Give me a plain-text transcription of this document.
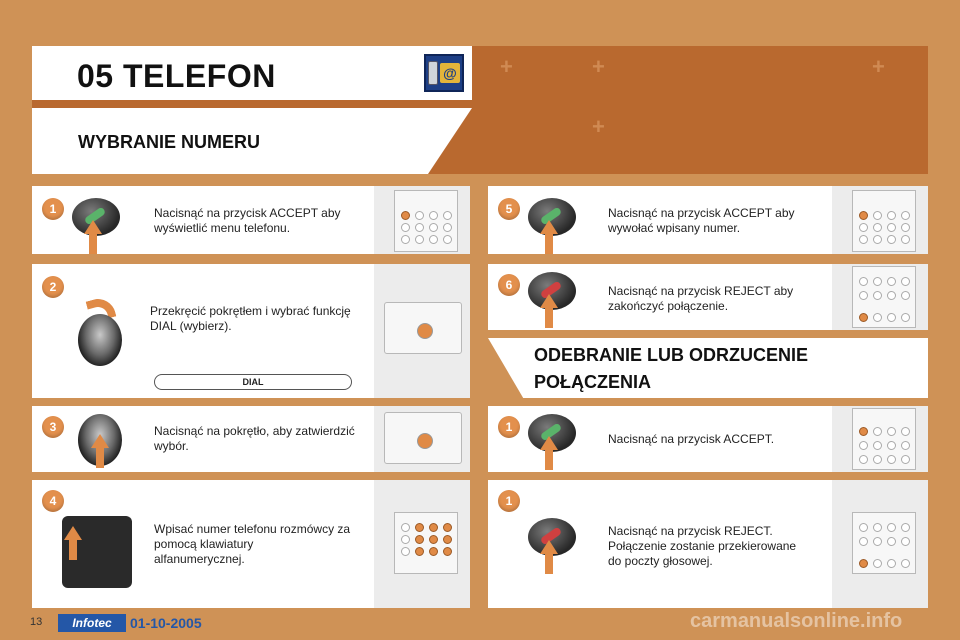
05 TELEFON	@
WYBRANIE NUMERU
+	+	+
+
1	Nacisnąć na przycisk ACCEPT aby
wyświetlić menu telefonu.
2
Przekręcić pokrętłem i wybrać funkcję
DIAL (wybierz).
DIAL
3	Nacisnąć na pokrętło, aby zatwierdzić
wybór.
4
Wpisać numer telefonu rozmówcy za
pomocą klawiatury
alfanumerycznej.
5	Nacisnąć na przycisk ACCEPT aby
wywołać wpisany numer.
6	Nacisnąć na przycisk REJECT aby
zakończyć połączenie.
ODEBRANIE LUB ODRZUCENIE
POŁĄCZENIA
1
Nacisnąć na przycisk ACCEPT.
1
Nacisnąć na przycisk REJECT.
Połączenie zostanie przekierowane
do poczty głosowej.
13	Infotec	01-10-2005	carmanualsonline.info
